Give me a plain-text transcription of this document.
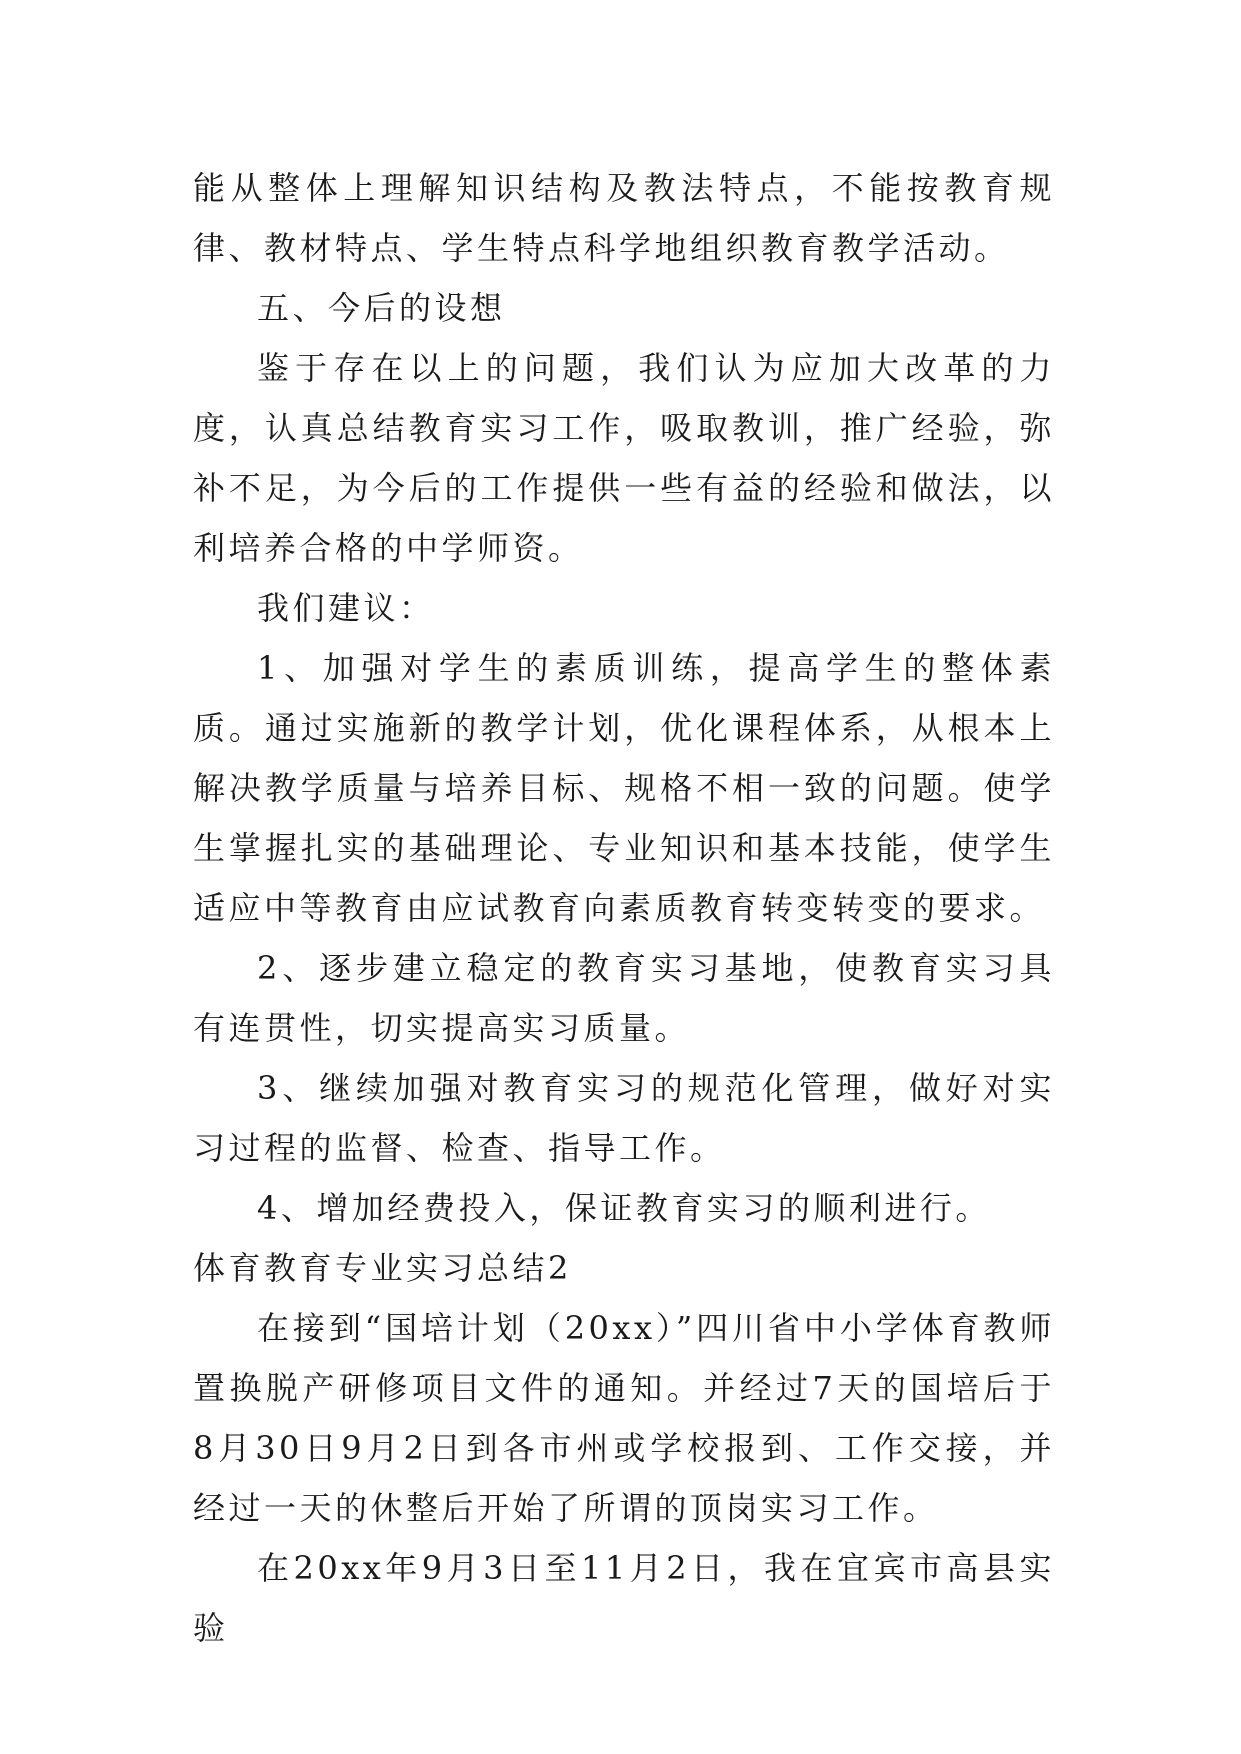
能从整体上理解知识结构及教法特点，不能按教育规律、教材特点、学生特点科学地组织教育教学活动。

五、今后的设想

鉴于存在以上的问题，我们认为应加大改革的力度，认真总结教育实习工作，吸取教训，推广经验，弥补不足，为今后的工作提供一些有益的经验和做法，以利培养合格的中学师资。

我们建议：

1、加强对学生的素质训练，提高学生的整体素质。通过实施新的教学计划，优化课程体系，从根本上解决教学质量与培养目标、规格不相一致的问题。使学生掌握扎实的基础理论、专业知识和基本技能，使学生适应中等教育由应试教育向素质教育转变转变的要求。

2、逐步建立稳定的教育实习基地，使教育实习具有连贯性，切实提高实习质量。

3、继续加强对教育实习的规范化管理，做好对实习过程的监督、检查、指导工作。

4、增加经费投入，保证教育实习的顺利进行。

体育教育专业实习总结2

在接到“国培计划（20xx）”四川省中小学体育教师置换脱产研修项目文件的通知。并经过7天的国培后于8月30日9月2日到各市州或学校报到、工作交接，并经过一天的休整后开始了所谓的顶岗实习工作。

在20xx年9月3日至11月2日，我在宜宾市高县实验
